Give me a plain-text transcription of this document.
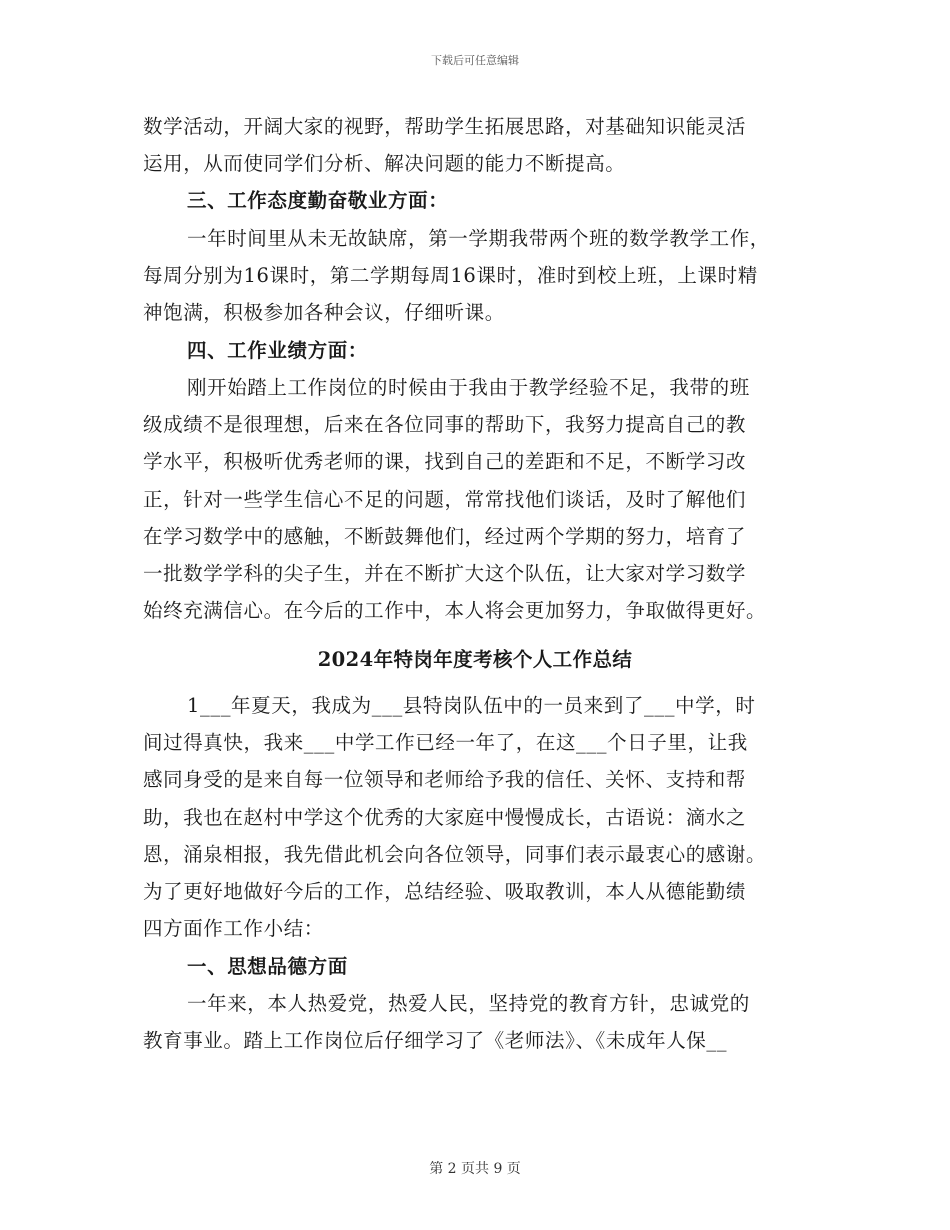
下载后可任意编辑
数学活动，开阔大家的视野，帮助学生拓展思路，对基础知识能灵活
运用，从而使同学们分析、解决问题的能力不断提高。
三、工作态度勤奋敬业方面：
一年时间里从未无故缺席，第一学期我带两个班的数学教学工作，
每周分别为16课时，第二学期每周16课时，准时到校上班，上课时精
神饱满，积极参加各种会议，仔细听课。
四、工作业绩方面：
刚开始踏上工作岗位的时候由于我由于教学经验不足，我带的班
级成绩不是很理想，后来在各位同事的帮助下，我努力提高自己的教
学水平，积极听优秀老师的课，找到自己的差距和不足，不断学习改
正，针对一些学生信心不足的问题，常常找他们谈话，及时了解他们
在学习数学中的感触，不断鼓舞他们，经过两个学期的努力，培育了
一批数学学科的尖子生，并在不断扩大这个队伍，让大家对学习数学
始终充满信心。在今后的工作中，本人将会更加努力，争取做得更好。
2024年特岗年度考核个人工作总结
1___年夏天，我成为___县特岗队伍中的一员来到了___中学，时
间过得真快，我来___中学工作已经一年了，在这___个日子里，让我
感同身受的是来自每一位领导和老师给予我的信任、关怀、支持和帮
助，我也在赵村中学这个优秀的大家庭中慢慢成长，古语说：滴水之
恩，涌泉相报，我先借此机会向各位领导，同事们表示最衷心的感谢。
为了更好地做好今后的工作，总结经验、吸取教训，本人从德能勤绩
四方面作工作小结：
一、思想品德方面
一年来，本人热爱党，热爱人民，坚持党的教育方针，忠诚党的
教育事业。踏上工作岗位后仔细学习了《老师法》、《未成年人保__
第 2 页共 9 页
